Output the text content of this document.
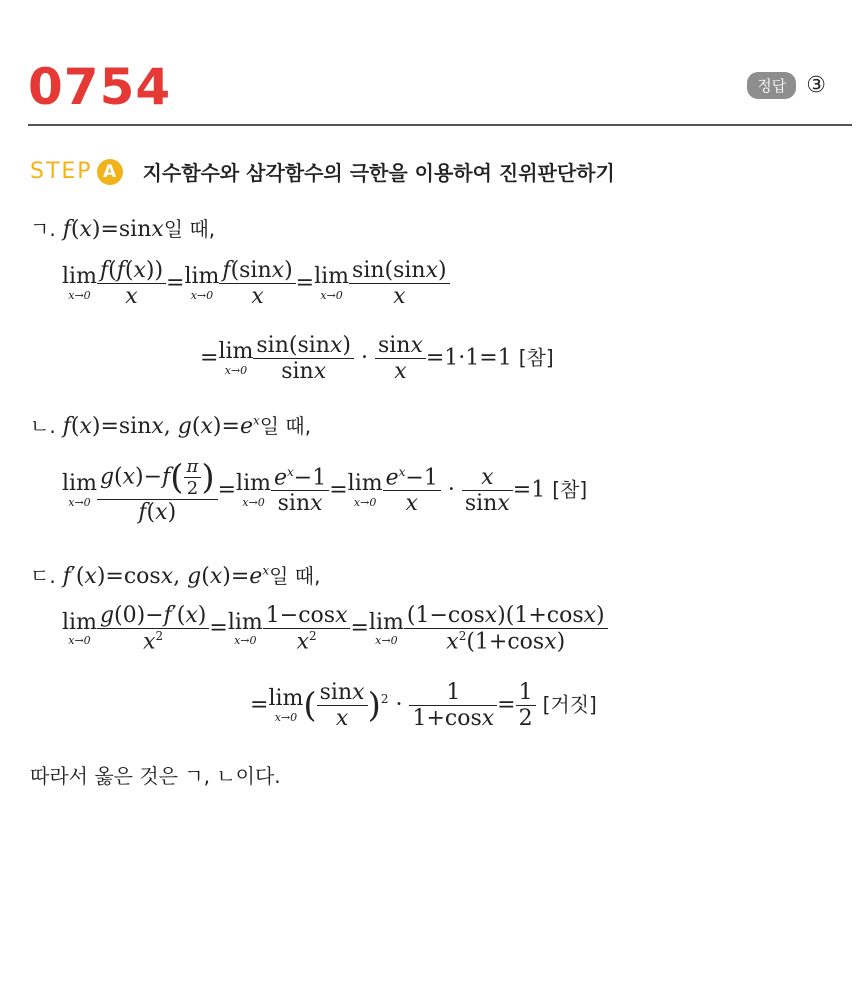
0754	정답 ③
STEP A	지수함수와 삼각함수의 극한을 이용하여 진위판단하기
ㄱ. f(x)=sinx일 때,
lim
$x\to 0 \frac{f(f(x))}{x} =\lim$
$x\to 0 \frac{f(\sin x)}{x} =\lim$
$x\to 0 \frac{\sin(\sin x)}{x}$
=lim
$x\to 0 \frac{\sin(\sin x)}{\sin x} \cdot \frac{\sin x}{x} =1\cdot 1=1$ [참]
ㄴ. f(x)=sinx, $g(x)=e^x$일 때,
lim
$x\to 0 \frac{g(x)-f( \frac{\pi}{2} )}{f(x)} =\lim$
$x\to 0 \frac{e^x-1}{\sin x} =\lim$
$x\to 0 \frac{e^x-1}{x} \cdot \frac{x}{\sin x} =1$ [참]
ㄷ. f′(x)=cosx, $g(x)=e^x$일 때,
lim
$x\to 0 \frac{g(0)-f'(x)}{x^2} =\lim$
$x\to 0 \frac{1-\cos x}{x^2} =\lim$
$x\to 0 \frac{(1-\cos x)(1+\cos x)}{x^2(1+\cos x)}$
=lim
x→0 ( $\frac{\sin x}{x} )^2 \cdot \frac{1}{1+\cos x} = \frac{1}{2}$ [거짓]
따라서 옳은 것은 ㄱ, ㄴ이다.
